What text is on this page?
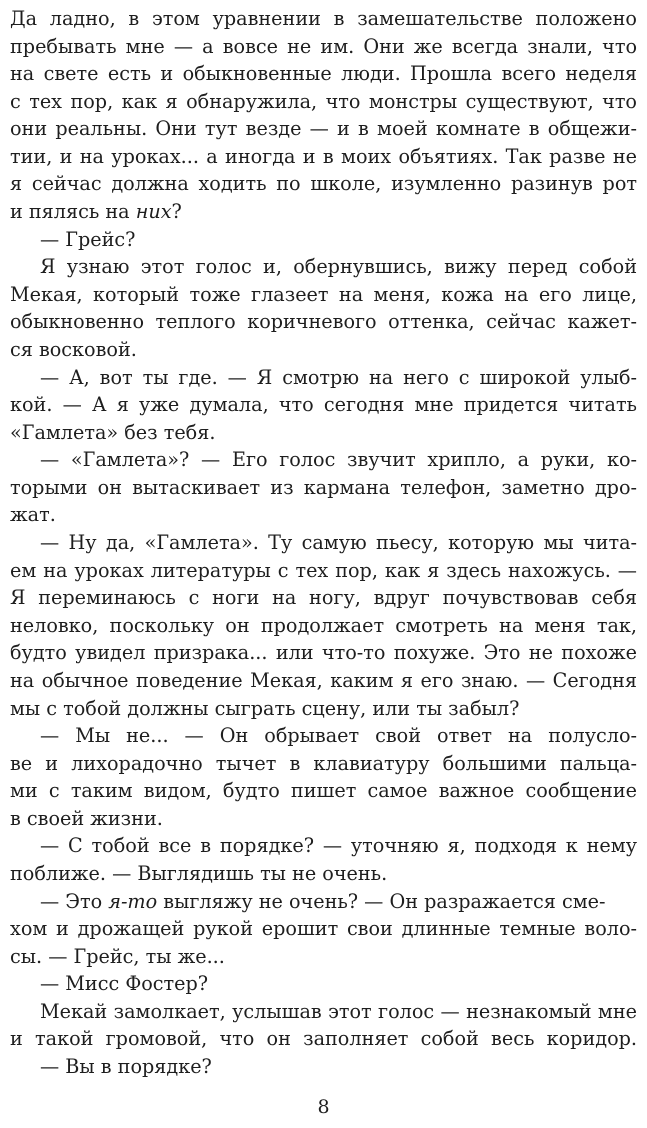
Да ладно, в этом уравнении в замешательстве положено
пребывать мне — а вовсе не им. Они же всегда знали, что
на свете есть и обыкновенные люди. Прошла всего неделя
с тех пор, как я обнаружила, что монстры существуют, что
они реальны. Они тут везде — и в моей комнате в общежи-
тии, и на уроках... а иногда и в моих объятиях. Так разве не
я сейчас должна ходить по школе, изумленно разинув рот
и пялясь на них?
— Грейс?
Я узнаю этот голос и, обернувшись, вижу перед собой
Мекая, который тоже глазеет на меня, кожа на его лице,
обыкновенно теплого коричневого оттенка, сейчас кажет-
ся восковой.
— А, вот ты где. — Я смотрю на него с широкой улыб-
кой. — А я уже думала, что сегодня мне придется читать
«Гамлета» без тебя.
— «Гамлета»? — Его голос звучит хрипло, а руки, ко-
торыми он вытаскивает из кармана телефон, заметно дро-
жат.
— Ну да, «Гамлета». Ту самую пьесу, которую мы чита-
ем на уроках литературы с тех пор, как я здесь нахожусь. —
Я переминаюсь с ноги на ногу, вдруг почувствовав себя
неловко, поскольку он продолжает смотреть на меня так,
будто увидел призрака... или что-то похуже. Это не похоже
на обычное поведение Мекая, каким я его знаю. — Сегодня
мы с тобой должны сыграть сцену, или ты забыл?
— Мы не... — Он обрывает свой ответ на полусло-
ве и лихорадочно тычет в клавиатуру большими пальца-
ми с таким видом, будто пишет самое важное сообщение
в своей жизни.
— С тобой все в порядке? — уточняю я, подходя к нему
поближе. — Выглядишь ты не очень.
— Это я-то выгляжу не очень? — Он разражается сме-
хом и дрожащей рукой ерошит свои длинные темные воло-
сы. — Грейс, ты же...
— Мисс Фостер?
Мекай замолкает, услышав этот голос — незнакомый мне
и такой громовой, что он заполняет собой весь коридор.
— Вы в порядке?
8
